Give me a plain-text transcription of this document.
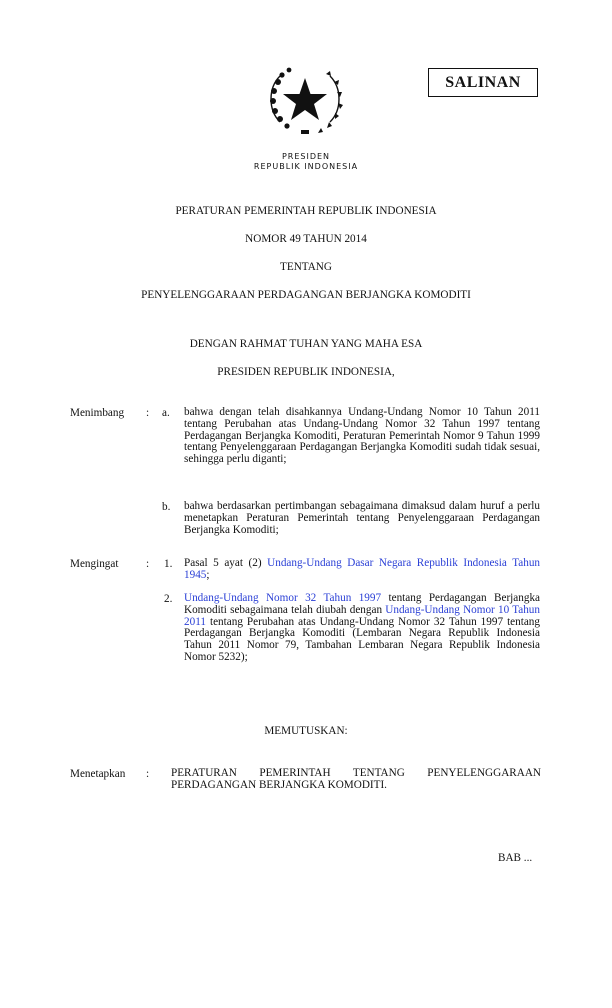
SALINAN
PRESIDEN
REPUBLIK INDONESIA
PERATURAN PEMERINTAH REPUBLIK INDONESIA
NOMOR 49 TAHUN 2014
TENTANG
PENYELENGGARAAN PERDAGANGAN BERJANGKA KOMODITI
DENGAN RAHMAT TUHAN YANG MAHA ESA
PRESIDEN REPUBLIK INDONESIA,
Menimbang : a. bahwa dengan telah disahkannya Undang-Undang Nomor 10 Tahun 2011 tentang Perubahan atas Undang-Undang Nomor 32 Tahun 1997 tentang Perdagangan Berjangka Komoditi, Peraturan Pemerintah Nomor 9 Tahun 1999 tentang Penyelenggaraan Perdagangan Berjangka Komoditi sudah tidak sesuai, sehingga perlu diganti;
b. bahwa berdasarkan pertimbangan sebagaimana dimaksud dalam huruf a perlu menetapkan Peraturan Pemerintah tentang Penyelenggaraan Perdagangan Berjangka Komoditi;
Mengingat : 1. Pasal 5 ayat (2) Undang-Undang Dasar Negara Republik Indonesia Tahun 1945;
2. Undang-Undang Nomor 32 Tahun 1997 tentang Perdagangan Berjangka Komoditi sebagaimana telah diubah dengan Undang-Undang Nomor 10 Tahun 2011 tentang Perubahan atas Undang-Undang Nomor 32 Tahun 1997 tentang Perdagangan Berjangka Komoditi (Lembaran Negara Republik Indonesia Tahun 2011 Nomor 79, Tambahan Lembaran Negara Republik Indonesia Nomor 5232);
MEMUTUSKAN:
Menetapkan : PERATURAN PEMERINTAH TENTANG PENYELENGGARAAN PERDAGANGAN BERJANGKA KOMODITI.
BAB ...
